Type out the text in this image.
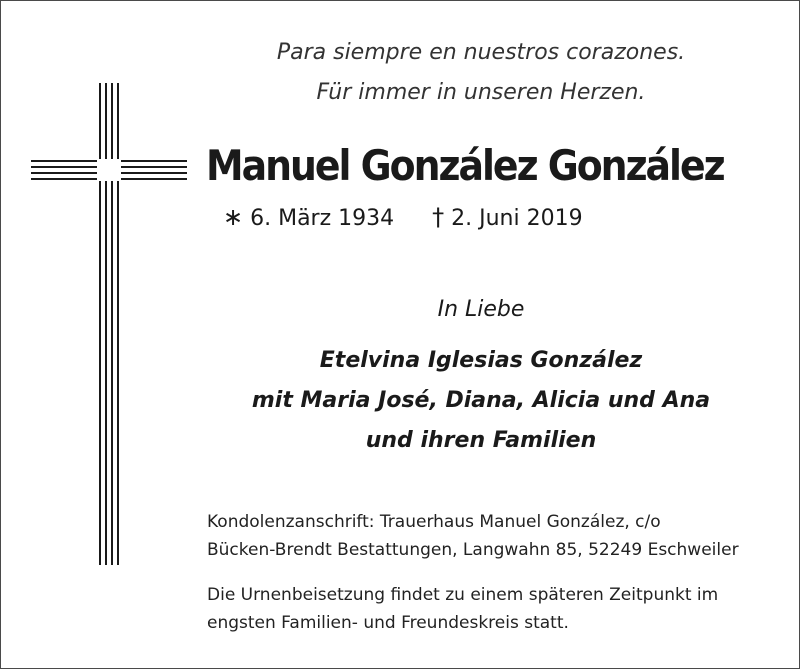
Para siempre en nuestros corazones.
Für immer in unseren Herzen.
Manuel González González
∗ 6. März 1934 † 2. Juni 2019
In Liebe
Etelvina Iglesias González
mit Maria José, Diana, Alicia und Ana
und ihren Familien
Kondolenzanschrift: Trauerhaus Manuel González, c/o
Bücken-Brendt Bestattungen, Langwahn 85, 52249 Eschweiler
Die Urnenbeisetzung findet zu einem späteren Zeitpunkt im
engsten Familien- und Freundeskreis statt.
